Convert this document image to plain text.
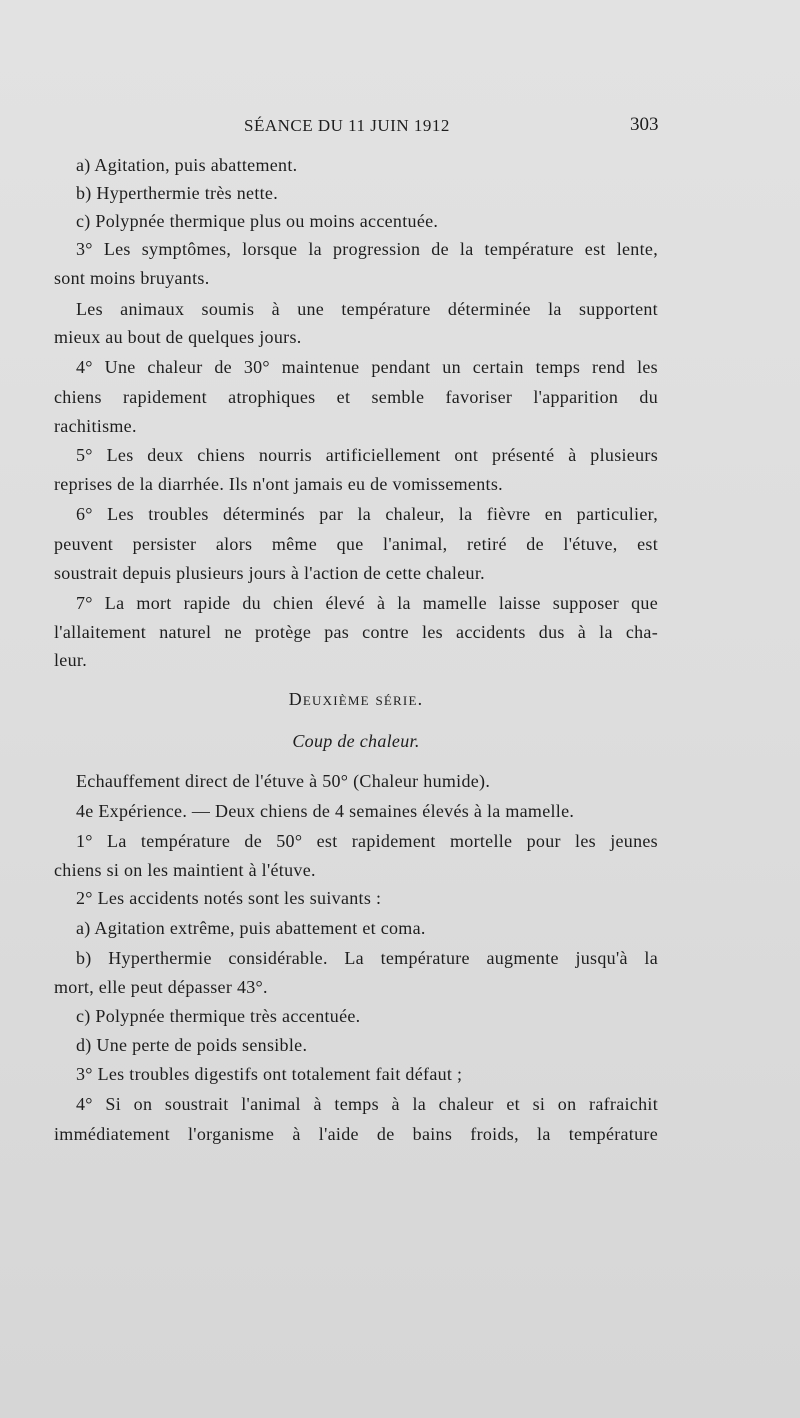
SÉANCE DU 11 JUIN 1912	303
a) Agitation, puis abattement.
b) Hyperthermie très nette.
c) Polypnée thermique plus ou moins accentuée.
3° Les symptômes, lorsque la progression de la température est lente,
sont moins bruyants.
Les animaux soumis à une température déterminée la supportent
mieux au bout de quelques jours.
4° Une chaleur de 30° maintenue pendant un certain temps rend les
chiens rapidement atrophiques et semble favoriser l'apparition du
rachitisme.
5° Les deux chiens nourris artificiellement ont présenté à plusieurs
reprises de la diarrhée. Ils n'ont jamais eu de vomissements.
6° Les troubles déterminés par la chaleur, la fièvre en particulier,
peuvent persister alors même que l'animal, retiré de l'étuve, est
soustrait depuis plusieurs jours à l'action de cette chaleur.
7° La mort rapide du chien élevé à la mamelle laisse supposer que
l'allaitement naturel ne protège pas contre les accidents dus à la cha-
leur.
Deuxième série.
Coup de chaleur.
Echauffement direct de l'étuve à 50° (Chaleur humide).
4e Expérience. — Deux chiens de 4 semaines élevés à la mamelle.
1° La température de 50° est rapidement mortelle pour les jeunes
chiens si on les maintient à l'étuve.
2° Les accidents notés sont les suivants :
a) Agitation extrême, puis abattement et coma.
b) Hyperthermie considérable. La température augmente jusqu'à la
mort, elle peut dépasser 43°.
c) Polypnée thermique très accentuée.
d) Une perte de poids sensible.
3° Les troubles digestifs ont totalement fait défaut ;
4° Si on soustrait l'animal à temps à la chaleur et si on rafraichit
immédiatement l'organisme à l'aide de bains froids, la température
